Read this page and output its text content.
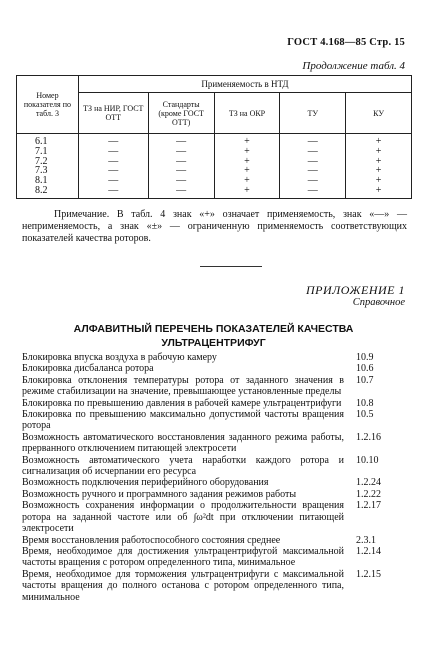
ГОСТ 4.168—85 Стр. 15
Продолжение табл. 4
Номер показателя по табл. 3	Применяемость в НТД				
	ТЗ на НИР, ГОСТ ОТТ	Стандарты (кроме ГОСТ ОТТ)	ТЗ на ОКР	ТУ	КУ
6.1	—	—	+	—	+
7.1	—	—	+	—	+
7.2	—	—	+	—	+
7.3	—	—	+	—	+
8.1	—	—	+	—	+
8.2	—	—	+	—	+
Примечание. В табл. 4 знак «+» означает применяемость, знак «—» — неприменяемость, а знак «±» — ограниченную применяемость соответствующих показателей качества роторов.
ПРИЛОЖЕНИЕ 1
Справочное
АЛФАВИТНЫЙ ПЕРЕЧЕНЬ ПОКАЗАТЕЛЕЙ КАЧЕСТВА
УЛЬТРАЦЕНТРИФУГ
Блокировка впуска воздуха в рабочую камеру	10.9
Блокировка дисбаланса ротора	10.6
Блокировка отклонения температуры ротора от заданного значения в режиме стабилизации на значение, превышающее установленные пределы
10.7
Блокировка по превышению давления в рабочей камере ультрацентрифуги 10.8
Блокировка по превышению максимально допустимой частоты вращения ротора
10.5
Возможность автоматического восстановления заданного режима работы, прерванного отключением питающей электросети
1.2.16
Возможность автоматического учета наработки каждого ротора и сигнализация об исчерпании его ресурса
10.10
Возможность подключения периферийного оборудования	1.2.24
Возможность ручного и программного задания режимов работы	1.2.22
Возможность сохранения информации о продолжительности вращения ротора на заданной частоте или об ∫ω²dt при отключении питающей электросети
1.2.17
Время восстановления работоспособного состояния среднее	2.3.1
Время, необходимое для достижения ультрацентрифугой максимальной частоты вращения с ротором определенного типа, минимальное
1.2.14
Время, необходимое для торможения ультрацентрифуги с максимальной частоты вращения до полного останова с ротором определенного типа, минимальное
1.2.15
